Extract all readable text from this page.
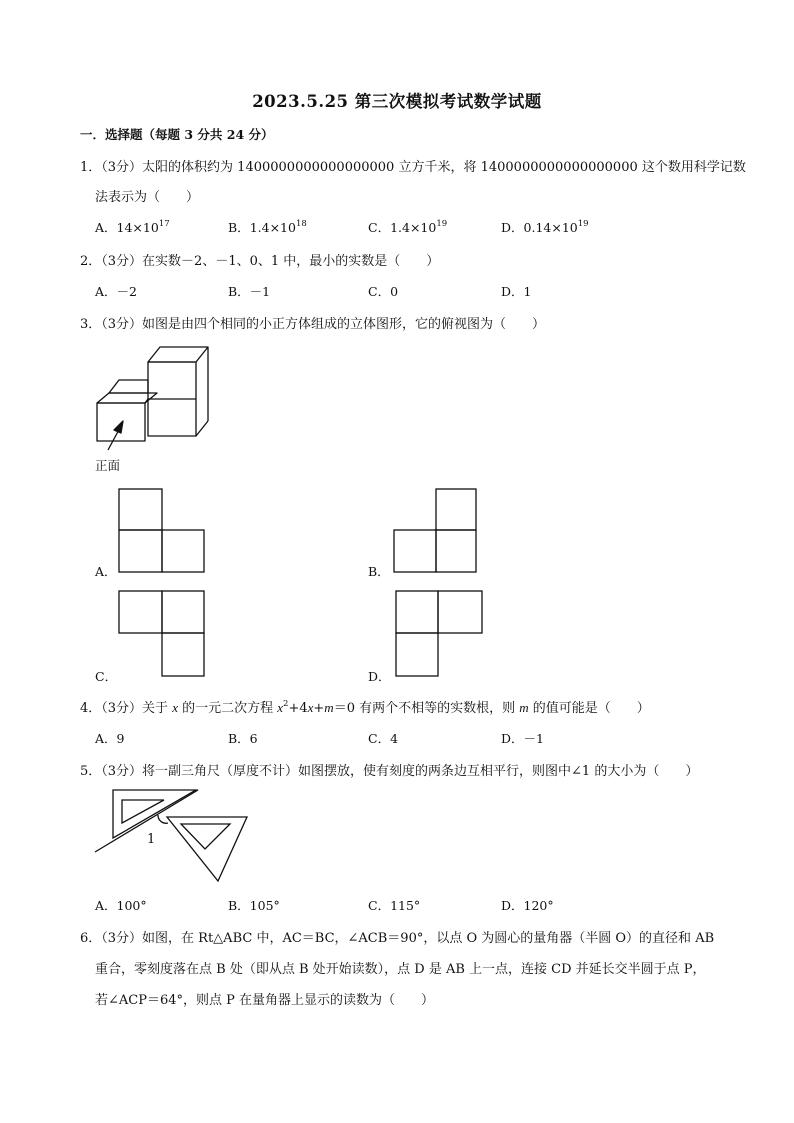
2023.5.25 第三次模拟考试数学试题
一．选择题（每题 3 分共 24 分）
1．（3分）太阳的体积约为 1400000000000000000 立方千米，将 1400000000000000000 这个数用科学记数
法表示为（　　）
A．$14\times 10^{17}$	B．$1.4\times 10^{18}$	C．$1.4\times 10^{19}$	D．$0.14\times 10^{19}$
2．（3分）在实数－2、－1、0、1 中，最小的实数是（　　）
A．－2	B．－1	C．0	D．1
3．（3分）如图是由四个相同的小正方体组成的立体图形，它的俯视图为（　　）
正面
A．	B．
C．	D．
4．（3分）关于 x 的一元二次方程 $x^2+4x+m=0$ 有两个不相等的实数根，则 m 的值可能是（　　）
A．9	B．6	C．4	D．－1
5．（3分）将一副三角尺（厚度不计）如图摆放，使有刻度的两条边互相平行，则图中∠1 的大小为（　　）
1
A．100°	B．105°	C．115°	D．120°
6．（3分）如图，在 Rt△ABC 中，AC＝BC，∠ACB＝90°，以点 O 为圆心的量角器（半圆 O）的直径和 AB
重合，零刻度落在点 B 处（即从点 B 处开始读数），点 D 是 AB 上一点，连接 CD 并延长交半圆于点 P，
若∠ACP＝64°，则点 P 在量角器上显示的读数为（　　）
